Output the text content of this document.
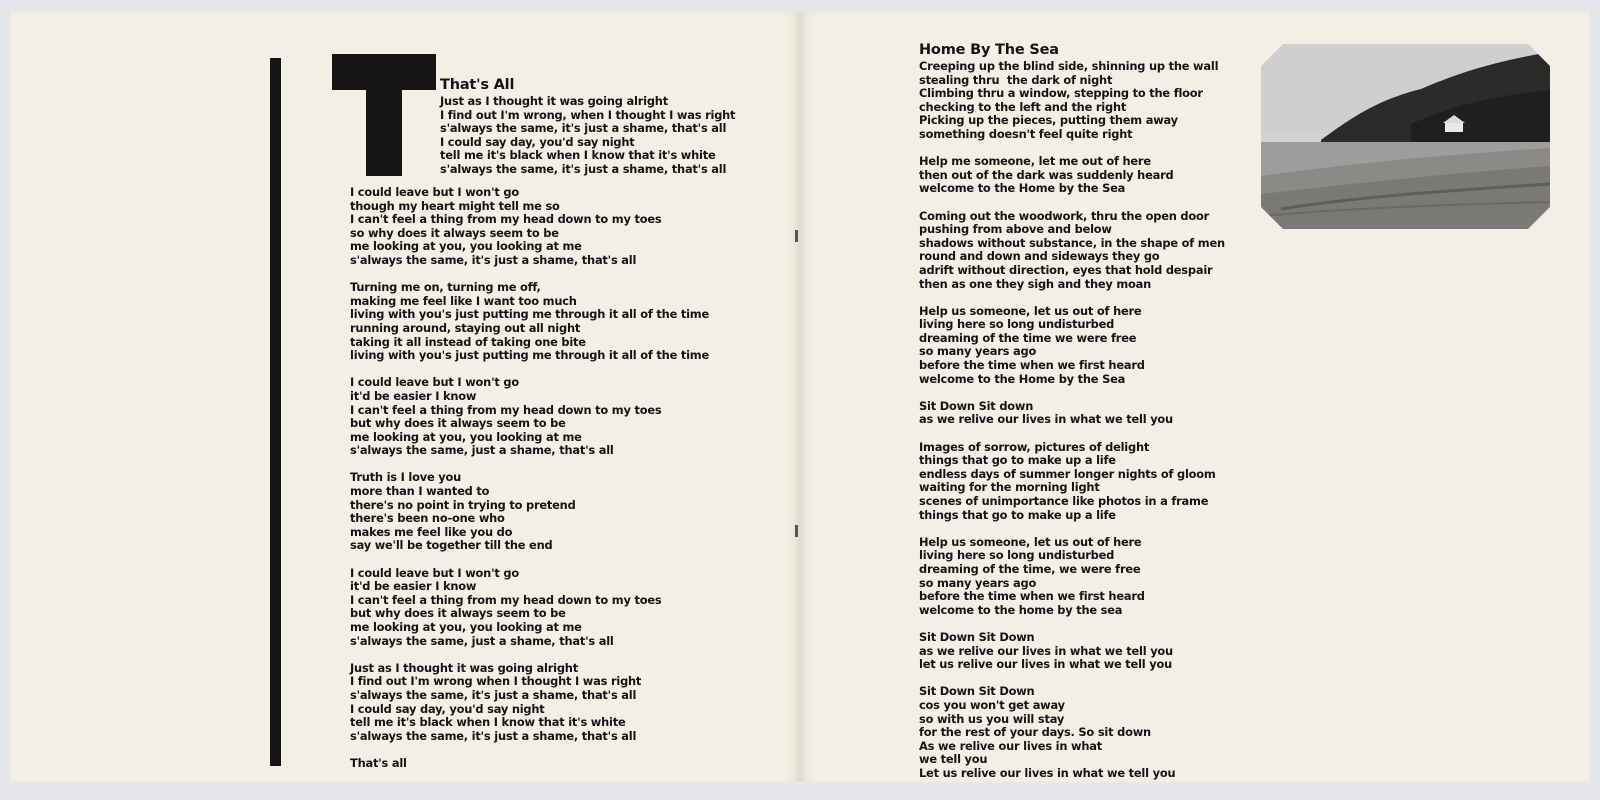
That's All
Just as I thought it was going alright
I find out I'm wrong, when I thought I was right
s'always the same, it's just a shame, that's all
I could say day, you'd say night
tell me it's black when I know that it's white
s'always the same, it's just a shame, that's all
I could leave but I won't go
though my heart might tell me so
I can't feel a thing from my head down to my toes
so why does it always seem to be
me looking at you, you looking at me
s'always the same, it's just a shame, that's all
Turning me on, turning me off,
making me feel like I want too much
living with you's just putting me through it all of the time
running around, staying out all night
taking it all instead of taking one bite
living with you's just putting me through it all of the time
I could leave but I won't go
it'd be easier I know
I can't feel a thing from my head down to my toes
but why does it always seem to be
me looking at you, you looking at me
s'always the same, just a shame, that's all
Truth is I love you
more than I wanted to
there's no point in trying to pretend
there's been no-one who
makes me feel like you do
say we'll be together till the end
I could leave but I won't go
it'd be easier I know
I can't feel a thing from my head down to my toes
but why does it always seem to be
me looking at you, you looking at me
s'always the same, just a shame, that's all
Just as I thought it was going alright
I find out I'm wrong when I thought I was right
s'always the same, it's just a shame, that's all
I could say day, you'd say night
tell me it's black when I know that it's white
s'always the same, it's just a shame, that's all
That's all
Home By The Sea
Creeping up the blind side, shinning up the wall
stealing thru  the dark of night
Climbing thru a window, stepping to the floor
checking to the left and the right
Picking up the pieces, putting them away
something doesn't feel quite right
Help me someone, let me out of here
then out of the dark was suddenly heard
welcome to the Home by the Sea
Coming out the woodwork, thru the open door
pushing from above and below
shadows without substance, in the shape of men
round and down and sideways they go
adrift without direction, eyes that hold despair
then as one they sigh and they moan
Help us someone, let us out of here
living here so long undisturbed
dreaming of the time we were free
so many years ago
before the time when we first heard
welcome to the Home by the Sea
Sit Down Sit down
as we relive our lives in what we tell you
Images of sorrow, pictures of delight
things that go to make up a life
endless days of summer longer nights of gloom
waiting for the morning light
scenes of unimportance like photos in a frame
things that go to make up a life
Help us someone, let us out of here
living here so long undisturbed
dreaming of the time, we were free
so many years ago
before the time when we first heard
welcome to the home by the sea
Sit Down Sit Down
as we relive our lives in what we tell you
let us relive our lives in what we tell you
Sit Down Sit Down
cos you won't get away
so with us you will stay
for the rest of your days. So sit down
As we relive our lives in what
we tell you
Let us relive our lives in what we tell you
